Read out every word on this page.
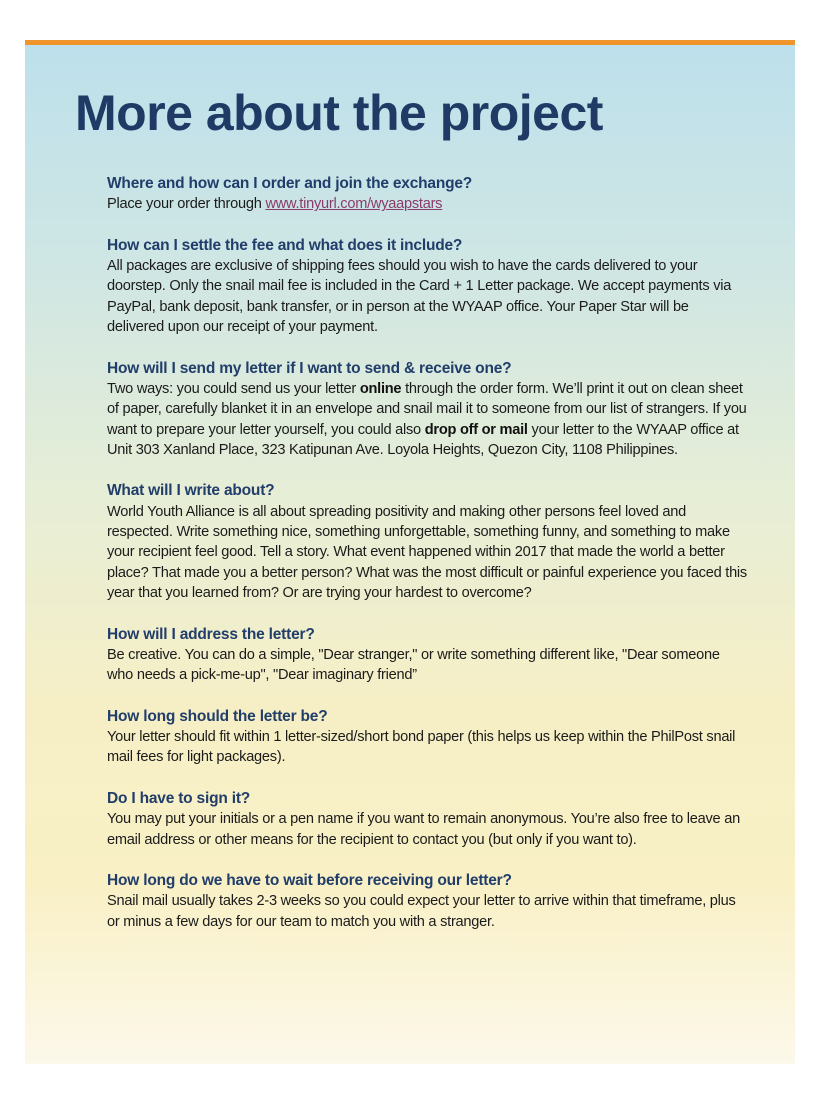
More about the project
Where and how can I order and join the exchange?
Place your order through www.tinyurl.com/wyaapstars
How can I settle the fee and what does it include?
All packages are exclusive of shipping fees should you wish to have the cards delivered to your doorstep. Only the snail mail fee is included in the Card + 1 Letter package. We accept payments via PayPal, bank deposit, bank transfer, or in person at the WYAAP office. Your Paper Star will be delivered upon our receipt of your payment.
How will I send my letter if I want to send & receive one?
Two ways: you could send us your letter online through the order form. We’ll print it out on clean sheet of paper, carefully blanket it in an envelope and snail mail it to someone from our list of strangers. If you want to prepare your letter yourself, you could also drop off or mail your letter to the WYAAP office at Unit 303 Xanland Place, 323 Katipunan Ave. Loyola Heights, Quezon City, 1108 Philippines.
What will I write about?
World Youth Alliance is all about spreading positivity and making other persons feel loved and respected. Write something nice, something unforgettable, something funny, and something to make your recipient feel good. Tell a story. What event happened within 2017 that made the world a better place? That made you a better person? What was the most difficult or painful experience you faced this year that you learned from? Or are trying your hardest to overcome?
How will I address the letter?
Be creative. You can do a simple, "Dear stranger," or write something different like, "Dear someone who needs a pick-me-up", "Dear imaginary friend”
How long should the letter be?
Your letter should fit within 1 letter-sized/short bond paper (this helps us keep within the PhilPost snail mail fees for light packages).
Do I have to sign it?
You may put your initials or a pen name if you want to remain anonymous. You’re also free to leave an email address or other means for the recipient to contact you (but only if you want to).
How long do we have to wait before receiving our letter?
Snail mail usually takes 2-3 weeks so you could expect your letter to arrive within that timeframe, plus or minus a few days for our team to match you with a stranger.
